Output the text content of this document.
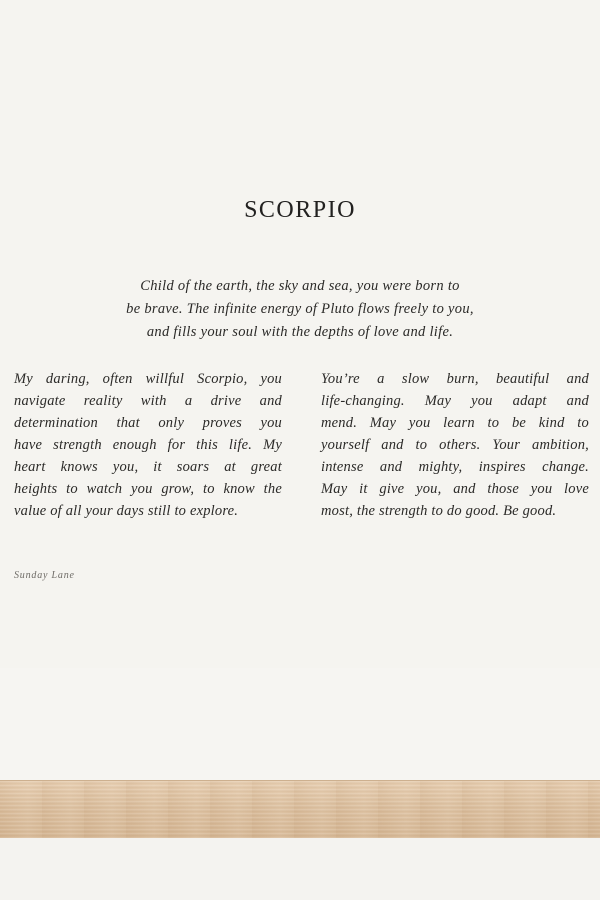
SCORPIO

Child of the earth, the sky and sea, you were born to
be brave. The infinite energy of Pluto flows freely to you,
and fills your soul with the depths of love and life.

My daring, often willful Scorpio, you
navigate reality with a drive and
determination that only proves you
have strength enough for this life. My
heart knows you, it soars at great
heights to watch you grow, to know the
value of all your days still to explore.

You’re a slow burn, beautiful and
life-changing. May you adapt and
mend. May you learn to be kind to
yourself and to others. Your ambition,
intense and mighty, inspires change.
May it give you, and those you love
most, the strength to do good. Be good.

Sunday Lane
